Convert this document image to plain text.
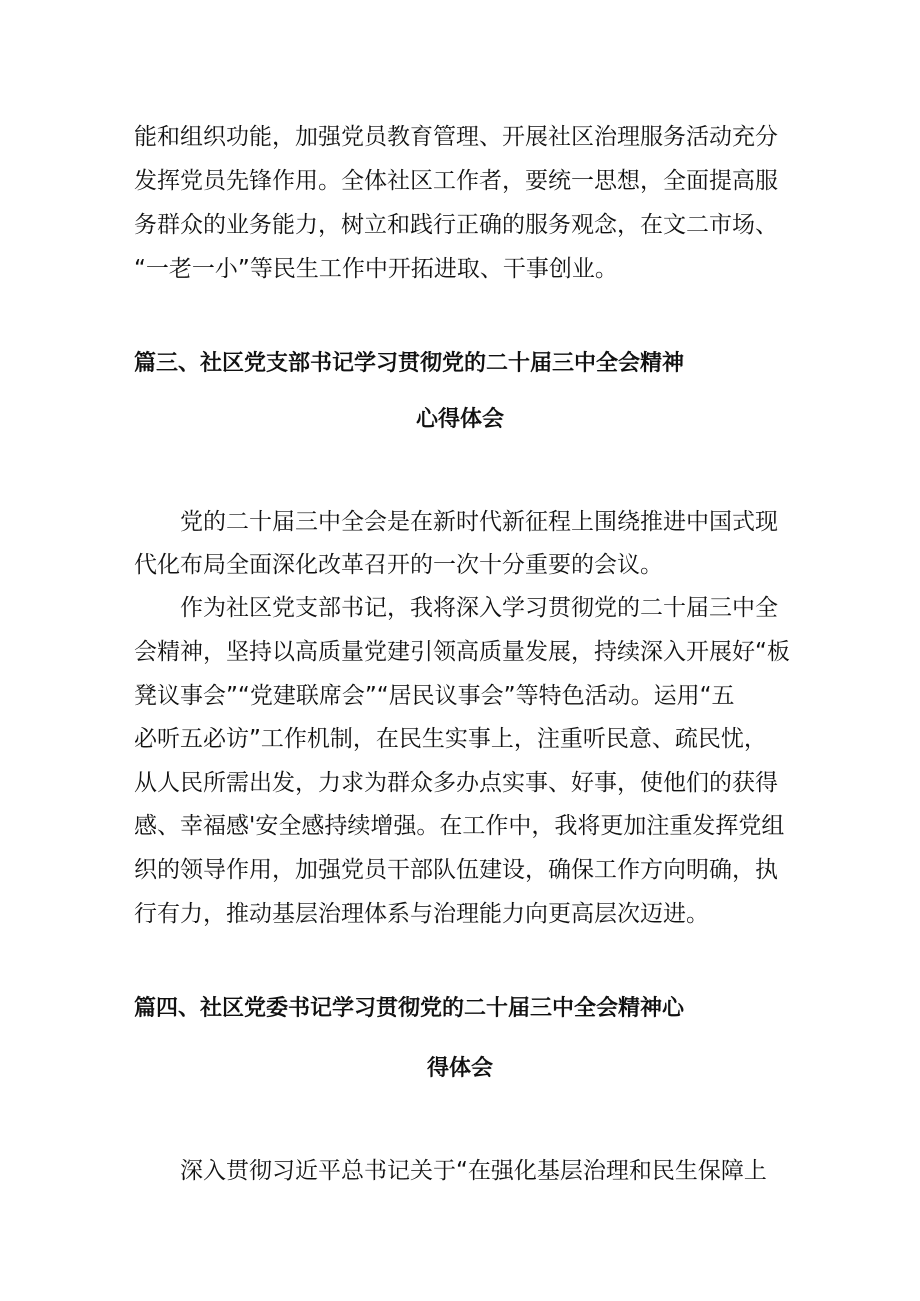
能和组织功能，加强党员教育管理、开展社区治理服务活动充分
发挥党员先锋作用。全体社区工作者，要统一思想，全面提高服
务群众的业务能力，树立和践行正确的服务观念，在文二市场、
“一老一小”等民生工作中开拓进取、干事创业。
篇三、社区党支部书记学习贯彻党的二十届三中全会精神
心得体会
党的二十届三中全会是在新时代新征程上围绕推进中国式现
代化布局全面深化改革召开的一次十分重要的会议。
作为社区党支部书记，我将深入学习贯彻党的二十届三中全
会精神，坚持以高质量党建引领高质量发展，持续深入开展好“板
凳议事会”“党建联席会”“居民议事会”等特色活动。运用“五
必听五必访”工作机制，在民生实事上，注重听民意、疏民忧，
从人民所需出发，力求为群众多办点实事、好事，使他们的获得
感、幸福感'安全感持续增强。在工作中，我将更加注重发挥党组
织的领导作用，加强党员干部队伍建设，确保工作方向明确，执
行有力，推动基层治理体系与治理能力向更高层次迈进。
篇四、社区党委书记学习贯彻党的二十届三中全会精神心
得体会
深入贯彻习近平总书记关于“在强化基层治理和民生保障上
